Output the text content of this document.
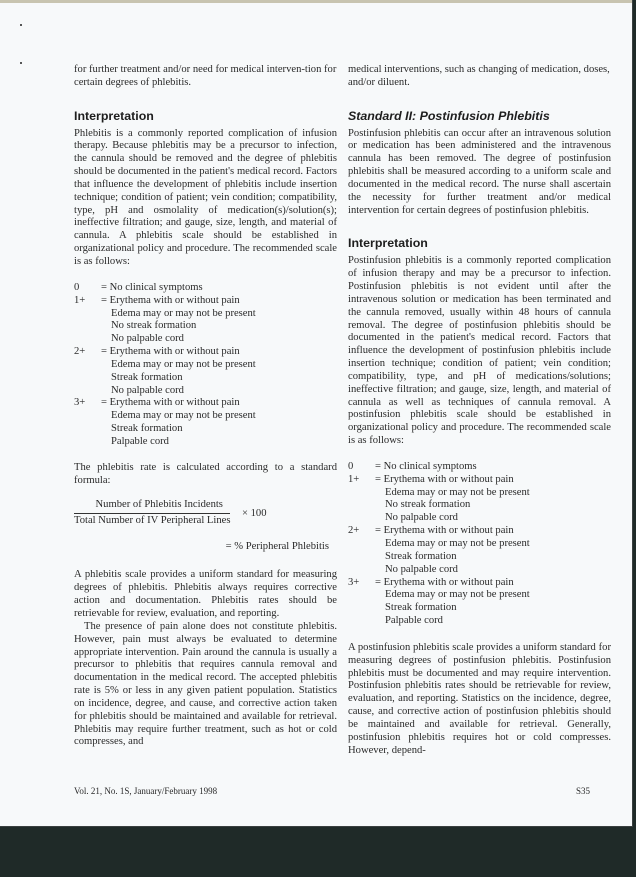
for further treatment and/or need for medical interven-tion for certain degrees of phlebitis.

Interpretation

Phlebitis is a commonly reported complication of infusion therapy. Because phlebitis may be a precursor to infection, the cannula should be removed and the degree of phlebitis should be documented in the patient's medical record. Factors that influence the development of phlebitis include insertion technique; condition of patient; vein condition; compatibility, type, pH and osmolality of medication(s)/solution(s); ineffective filtration; and gauge, size, length, and material of cannula. A phlebitis scale should be established in organizational policy and procedure. The recommended scale is as follows:

0	= No clinical symptoms
1+	= Erythema with or without pain
Edema may or may not be present
No streak formation
No palpable cord
2+	= Erythema with or without pain
Edema may or may not be present
Streak formation
No palpable cord
3+	= Erythema with or without pain
Edema may or may not be present
Streak formation
Palpable cord

The phlebitis rate is calculated according to a standard formula:

Number of Phlebitis Incidents
Total Number of IV Peripheral Lines
× 100
= % Peripheral Phlebitis

A phlebitis scale provides a uniform standard for measuring degrees of phlebitis. Phlebitis always requires corrective action and documentation. Phlebitis rates should be retrievable for review, evaluation, and reporting.

The presence of pain alone does not constitute phlebitis. However, pain must always be evaluated to determine appropriate intervention. Pain around the cannula is usually a precursor to phlebitis that requires cannula removal and documentation in the medical record. The accepted phlebitis rate is 5% or less in any given patient population. Statistics on incidence, degree, and cause, and corrective action taken for phlebitis should be maintained and available for retrieval. Phlebitis may require further treatment, such as hot or cold compresses, and

medical interventions, such as changing of medication, doses, and/or diluent.

Standard II: Postinfusion Phlebitis

Postinfusion phlebitis can occur after an intravenous solution or medication has been administered and the intravenous cannula has been removed. The degree of postinfusion phlebitis shall be measured according to a uniform scale and documented in the medical record. The nurse shall ascertain the necessity for further treatment and/or medical intervention for certain degrees of postinfusion phlebitis.

Interpretation

Postinfusion phlebitis is a commonly reported complication of infusion therapy and may be a precursor to infection. Postinfusion phlebitis is not evident until after the intravenous solution or medication has been terminated and the cannula removed, usually within 48 hours of cannula removal. The degree of postinfusion phlebitis should be documented in the patient's medical record. Factors that influence the development of postinfusion phlebitis include insertion technique; condition of patient; vein condition; compatibility, type, and pH of medications/solutions; ineffective filtration; and gauge, size, length, and material of cannula as well as techniques of cannula removal. A postinfusion phlebitis scale should be established in organizational policy and procedure. The recommended scale is as follows:

0	= No clinical symptoms
1+	= Erythema with or without pain
Edema may or may not be present
No streak formation
No palpable cord
2+	= Erythema with or without pain
Edema may or may not be present
Streak formation
No palpable cord
3+	= Erythema with or without pain
Edema may or may not be present
Streak formation
Palpable cord

A postinfusion phlebitis scale provides a uniform standard for measuring degrees of postinfusion phlebitis. Postinfusion phlebitis must be documented and may require intervention. Postinfusion phlebitis rates should be retrievable for review, evaluation, and reporting. Statistics on the incidence, degree, cause, and corrective action of postinfusion phlebitis should be maintained and available for retrieval. Generally, postinfusion phlebitis requires hot or cold compresses. However, depend-

Vol. 21, No. 1S, January/February 1998	S35
